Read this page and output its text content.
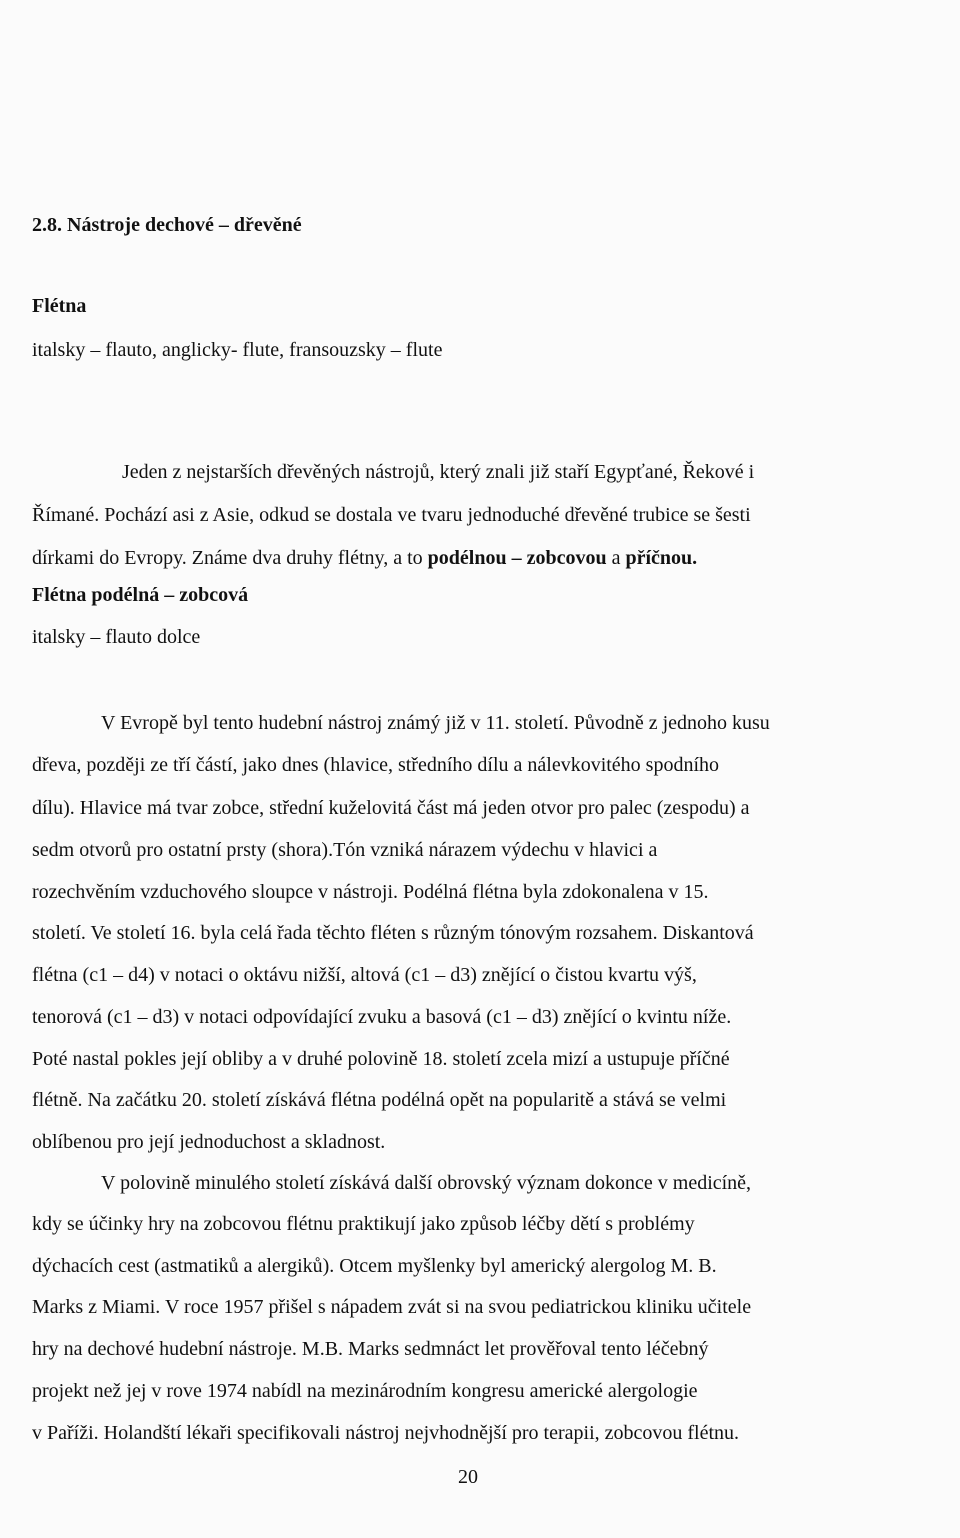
2.8. Nástroje dechové – dřevěné
Flétna
italsky – flauto, anglicky- flute, fransouzsky – flute
Jeden z nejstarších dřevěných nástrojů, který znali již staří Egypťané, Řekové i
Římané. Pochází asi z Asie, odkud se dostala ve tvaru jednoduché dřevěné trubice se šesti
dírkami do Evropy. Známe dva druhy flétny, a to podélnou – zobcovou a příčnou.
Flétna podélná – zobcová
italsky – flauto dolce
V Evropě byl tento hudební nástroj známý již v 11. století. Původně z jednoho kusu
dřeva, později ze tří částí, jako dnes (hlavice, středního dílu a nálevkovitého spodního
dílu). Hlavice má tvar zobce, střední kuželovitá část má jeden otvor pro palec (zespodu) a
sedm otvorů pro ostatní prsty (shora).Tón vzniká nárazem výdechu v hlavici a
rozechvěním vzduchového sloupce v nástroji. Podélná flétna byla zdokonalena v 15.
století. Ve století 16. byla celá řada těchto fléten s různým tónovým rozsahem. Diskantová
flétna (c1 – d4) v notaci o oktávu nižší, altová (c1 – d3) znějící o čistou kvartu výš,
tenorová (c1 – d3) v notaci odpovídající zvuku a basová (c1 – d3) znějící o kvintu níže.
Poté nastal pokles její obliby a v druhé polovině 18. století zcela mizí a ustupuje příčné
flétně. Na začátku 20. století získává flétna podélná opět na popularitě a stává se velmi
oblíbenou pro její jednoduchost a skladnost.
V polovině minulého století získává další obrovský význam dokonce v medicíně,
kdy se účinky hry na zobcovou flétnu praktikují jako způsob léčby dětí s problémy
dýchacích cest (astmatiků a alergiků). Otcem myšlenky byl americký alergolog M. B.
Marks z Miami. V roce 1957 přišel s nápadem zvát si na svou pediatrickou kliniku učitele
hry na dechové hudební nástroje. M.B. Marks sedmnáct let prověřoval tento léčebný
projekt než jej v rove 1974 nabídl na mezinárodním kongresu americké alergologie
v Paříži. Holandští lékaři specifikovali nástroj nejvhodnější pro terapii, zobcovou flétnu.
20
